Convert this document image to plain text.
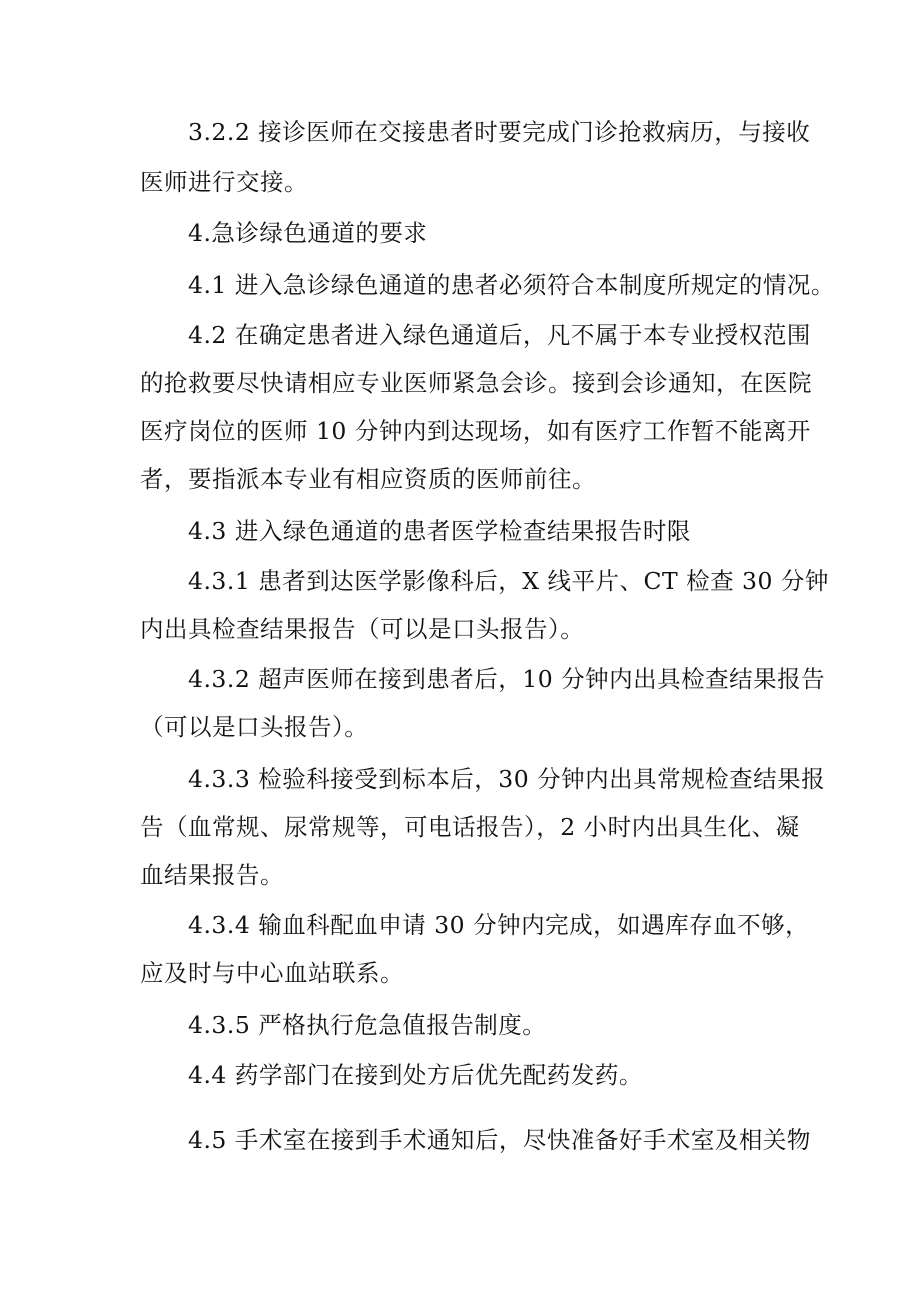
3.2.2 接诊医师在交接患者时要完成门诊抢救病历，与接收
医师进行交接。
4.急诊绿色通道的要求
4.1 进入急诊绿色通道的患者必须符合本制度所规定的情况。
4.2 在确定患者进入绿色通道后，凡不属于本专业授权范围
的抢救要尽快请相应专业医师紧急会诊。接到会诊通知，在医院
医疗岗位的医师 10 分钟内到达现场，如有医疗工作暂不能离开
者，要指派本专业有相应资质的医师前往。
4.3 进入绿色通道的患者医学检查结果报告时限
4.3.1 患者到达医学影像科后，X 线平片、CT 检查 30 分钟
内出具检查结果报告（可以是口头报告）。
4.3.2 超声医师在接到患者后，10 分钟内出具检查结果报告
（可以是口头报告）。
4.3.3 检验科接受到标本后，30 分钟内出具常规检查结果报
告（血常规、尿常规等，可电话报告），2 小时内出具生化、凝
血结果报告。
4.3.4 输血科配血申请 30 分钟内完成，如遇库存血不够，
应及时与中心血站联系。
4.3.5 严格执行危急值报告制度。
4.4 药学部门在接到处方后优先配药发药。
4.5 手术室在接到手术通知后，尽快准备好手术室及相关物
